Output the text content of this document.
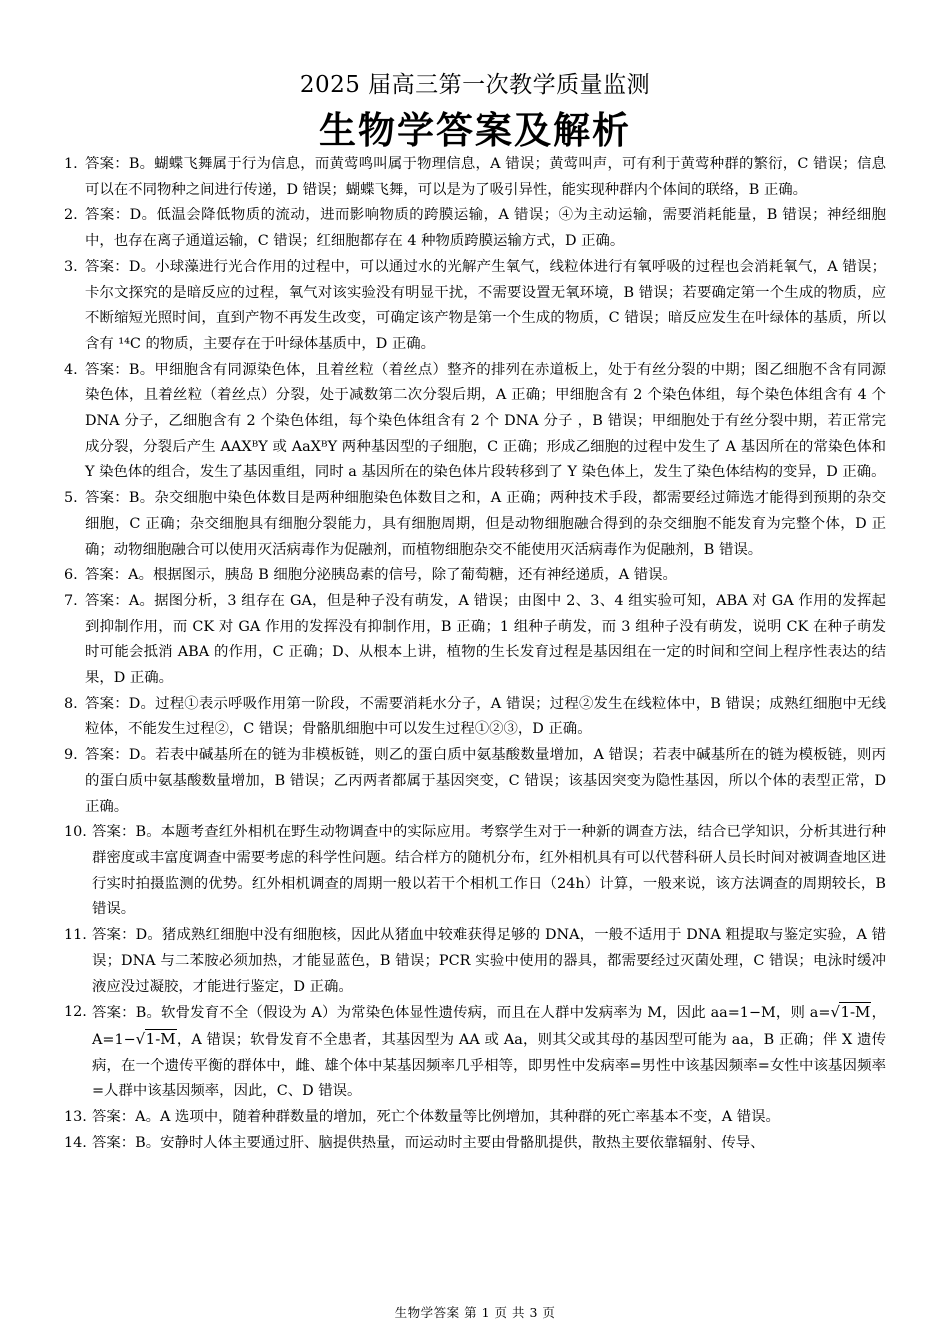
2025 届高三第一次教学质量监测
生物学答案及解析
1. 答案：B。蝴蝶飞舞属于行为信息，而黄莺鸣叫属于物理信息，A 错误；黄莺叫声，可有利于黄莺种群的繁衍，C 错误；信息可以在不同物种之间进行传递，D 错误；蝴蝶飞舞，可以是为了吸引异性，能实现种群内个体间的联络，B 正确。
2. 答案：D。低温会降低物质的流动，进而影响物质的跨膜运输，A 错误；④为主动运输，需要消耗能量，B 错误；神经细胞中，也存在离子通道运输，C 错误；红细胞都存在 4 种物质跨膜运输方式，D 正确。
3. 答案：D。小球藻进行光合作用的过程中，可以通过水的光解产生氧气，线粒体进行有氧呼吸的过程也会消耗氧气，A 错误；卡尔文探究的是暗反应的过程，氧气对该实验没有明显干扰，不需要设置无氧环境，B 错误；若要确定第一个生成的物质，应不断缩短光照时间，直到产物不再发生改变，可确定该产物是第一个生成的物质，C 错误；暗反应发生在叶绿体的基质，所以含有 ¹⁴C 的物质，主要存在于叶绿体基质中，D 正确。
4. 答案：B。甲细胞含有同源染色体，且着丝粒（着丝点）整齐的排列在赤道板上，处于有丝分裂的中期；图乙细胞不含有同源染色体，且着丝粒（着丝点）分裂，处于减数第二次分裂后期，A 正确；甲细胞含有 2 个染色体组，每个染色体组含有 4 个 DNA 分子，乙细胞含有 2 个染色体组，每个染色体组含有 2 个 DNA 分子 ，B 错误；甲细胞处于有丝分裂中期，若正常完成分裂，分裂后产生 AAXᴮY 或 AaXᴮY 两种基因型的子细胞，C 正确；形成乙细胞的过程中发生了 A 基因所在的常染色体和 Y 染色体的组合，发生了基因重组，同时 a 基因所在的染色体片段转移到了 Y 染色体上，发生了染色体结构的变异，D 正确。
5. 答案：B。杂交细胞中染色体数目是两种细胞染色体数目之和，A 正确；两种技术手段，都需要经过筛选才能得到预期的杂交细胞，C 正确；杂交细胞具有细胞分裂能力，具有细胞周期，但是动物细胞融合得到的杂交细胞不能发育为完整个体，D 正确；动物细胞融合可以使用灭活病毒作为促融剂，而植物细胞杂交不能使用灭活病毒作为促融剂，B 错误。
6. 答案：A。根据图示，胰岛 B 细胞分泌胰岛素的信号，除了葡萄糖，还有神经递质，A 错误。
7. 答案：A。据图分析，3 组存在 GA，但是种子没有萌发，A 错误；由图中 2、3、4 组实验可知，ABA 对 GA 作用的发挥起到抑制作用，而 CK 对 GA 作用的发挥没有抑制作用，B 正确；1 组种子萌发，而 3 组种子没有萌发，说明 CK 在种子萌发时可能会抵消 ABA 的作用，C 正确；D、从根本上讲，植物的生长发育过程是基因组在一定的时间和空间上程序性表达的结果，D 正确。
8. 答案：D。过程①表示呼吸作用第一阶段，不需要消耗水分子，A 错误；过程②发生在线粒体中，B 错误；成熟红细胞中无线粒体，不能发生过程②，C 错误；骨骼肌细胞中可以发生过程①②③，D 正确。
9. 答案：D。若表中碱基所在的链为非模板链，则乙的蛋白质中氨基酸数量增加，A 错误；若表中碱基所在的链为模板链，则丙的蛋白质中氨基酸数量增加，B 错误；乙丙两者都属于基因突变，C 错误；该基因突变为隐性基因，所以个体的表型正常，D 正确。
10. 答案：B。本题考查红外相机在野生动物调查中的实际应用。考察学生对于一种新的调查方法，结合已学知识，分析其进行种群密度或丰富度调查中需要考虑的科学性问题。结合样方的随机分布，红外相机具有可以代替科研人员长时间对被调查地区进行实时拍摄监测的优势。红外相机调查的周期一般以若干个相机工作日（24h）计算，一般来说，该方法调查的周期较长，B 错误。
11. 答案：D。猪成熟红细胞中没有细胞核，因此从猪血中较难获得足够的 DNA，一般不适用于 DNA 粗提取与鉴定实验，A 错误；DNA 与二苯胺必须加热，才能显蓝色，B 错误；PCR 实验中使用的器具，都需要经过灭菌处理，C 错误；电泳时缓冲液应没过凝胶，才能进行鉴定，D 正确。
12. 答案：B。软骨发育不全（假设为 A）为常染色体显性遗传病，而且在人群中发病率为 M，因此 aa=1−M，则 a=√1-M，A=1−√1-M，A 错误；软骨发育不全患者，其基因型为 AA 或 Aa，则其父或其母的基因型可能为 aa，B 正确；伴 X 遗传病，在一个遗传平衡的群体中，雌、雄个体中某基因频率几乎相等，即男性中发病率=男性中该基因频率=女性中该基因频率=人群中该基因频率，因此，C、D 错误。
13. 答案：A。A 选项中，随着种群数量的增加，死亡个体数量等比例增加，其种群的死亡率基本不变，A 错误。
14. 答案：B。安静时人体主要通过肝、脑提供热量，而运动时主要由骨骼肌提供，散热主要依靠辐射、传导、
生物学答案 第 1 页 共 3 页
